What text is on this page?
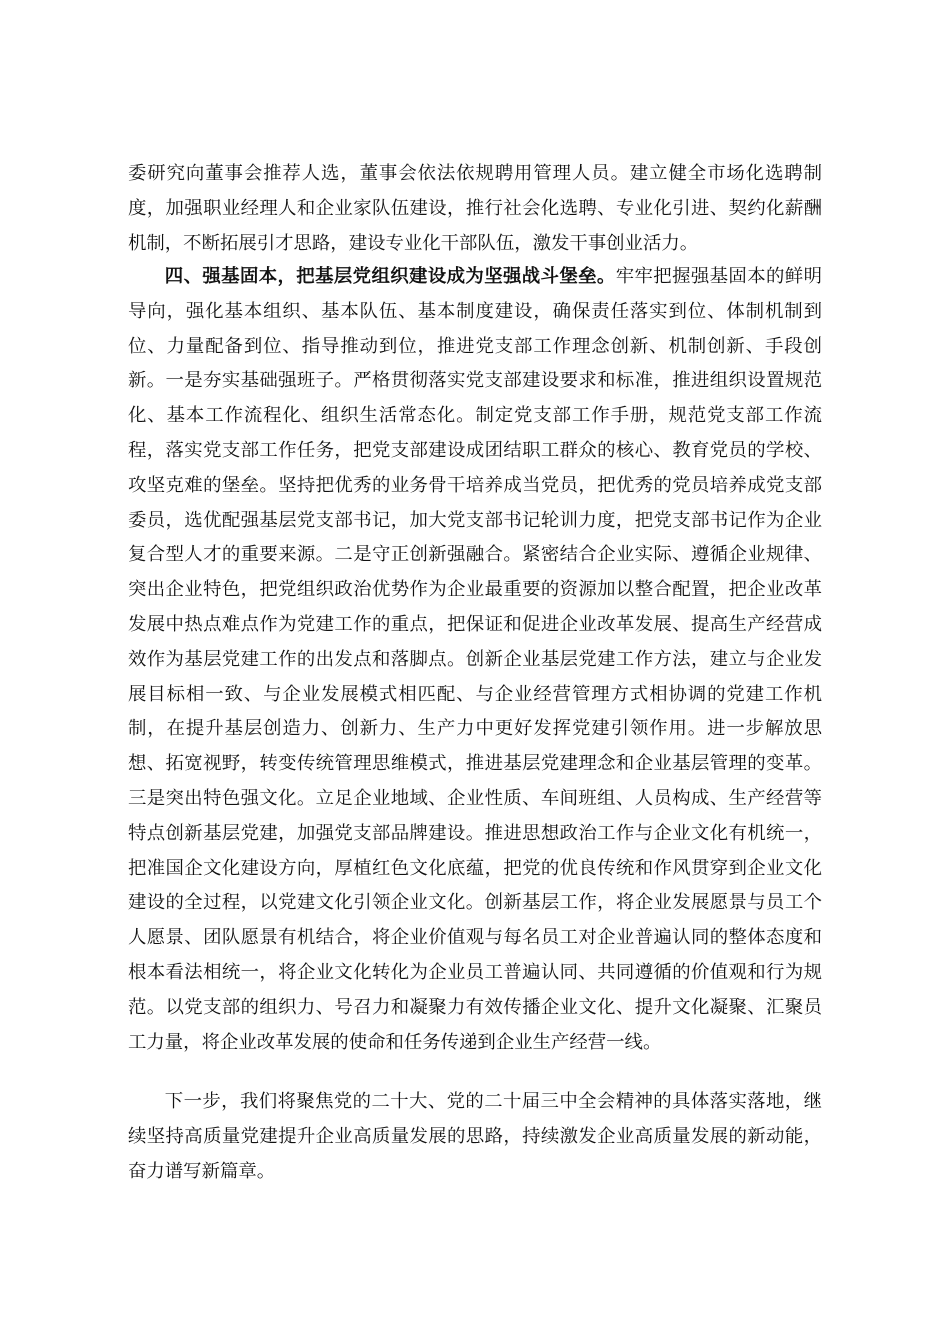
委研究向董事会推荐人选，董事会依法依规聘用管理人员。建立健全市场化选聘制度，加强职业经理人和企业家队伍建设，推行社会化选聘、专业化引进、契约化薪酬机制，不断拓展引才思路，建设专业化干部队伍，激发干事创业活力。

四、强基固本，把基层党组织建设成为坚强战斗堡垒。牢牢把握强基固本的鲜明导向，强化基本组织、基本队伍、基本制度建设，确保责任落实到位、体制机制到位、力量配备到位、指导推动到位，推进党支部工作理念创新、机制创新、手段创新。一是夯实基础强班子。严格贯彻落实党支部建设要求和标准，推进组织设置规范化、基本工作流程化、组织生活常态化。制定党支部工作手册，规范党支部工作流程，落实党支部工作任务，把党支部建设成团结职工群众的核心、教育党员的学校、攻坚克难的堡垒。坚持把优秀的业务骨干培养成当党员，把优秀的党员培养成党支部委员，选优配强基层党支部书记，加大党支部书记轮训力度，把党支部书记作为企业复合型人才的重要来源。二是守正创新强融合。紧密结合企业实际、遵循企业规律、突出企业特色，把党组织政治优势作为企业最重要的资源加以整合配置，把企业改革发展中热点难点作为党建工作的重点，把保证和促进企业改革发展、提高生产经营成效作为基层党建工作的出发点和落脚点。创新企业基层党建工作方法，建立与企业发展目标相一致、与企业发展模式相匹配、与企业经营管理方式相协调的党建工作机制，在提升基层创造力、创新力、生产力中更好发挥党建引领作用。进一步解放思想、拓宽视野，转变传统管理思维模式，推进基层党建理念和企业基层管理的变革。三是突出特色强文化。立足企业地域、企业性质、车间班组、人员构成、生产经营等特点创新基层党建，加强党支部品牌建设。推进思想政治工作与企业文化有机统一，把准国企文化建设方向，厚植红色文化底蕴，把党的优良传统和作风贯穿到企业文化建设的全过程，以党建文化引领企业文化。创新基层工作，将企业发展愿景与员工个人愿景、团队愿景有机结合，将企业价值观与每名员工对企业普遍认同的整体态度和根本看法相统一，将企业文化转化为企业员工普遍认同、共同遵循的价值观和行为规范。以党支部的组织力、号召力和凝聚力有效传播企业文化、提升文化凝聚、汇聚员工力量，将企业改革发展的使命和任务传递到企业生产经营一线。

下一步，我们将聚焦党的二十大、党的二十届三中全会精神的具体落实落地，继续坚持高质量党建提升企业高质量发展的思路，持续激发企业高质量发展的新动能，奋力谱写新篇章。
